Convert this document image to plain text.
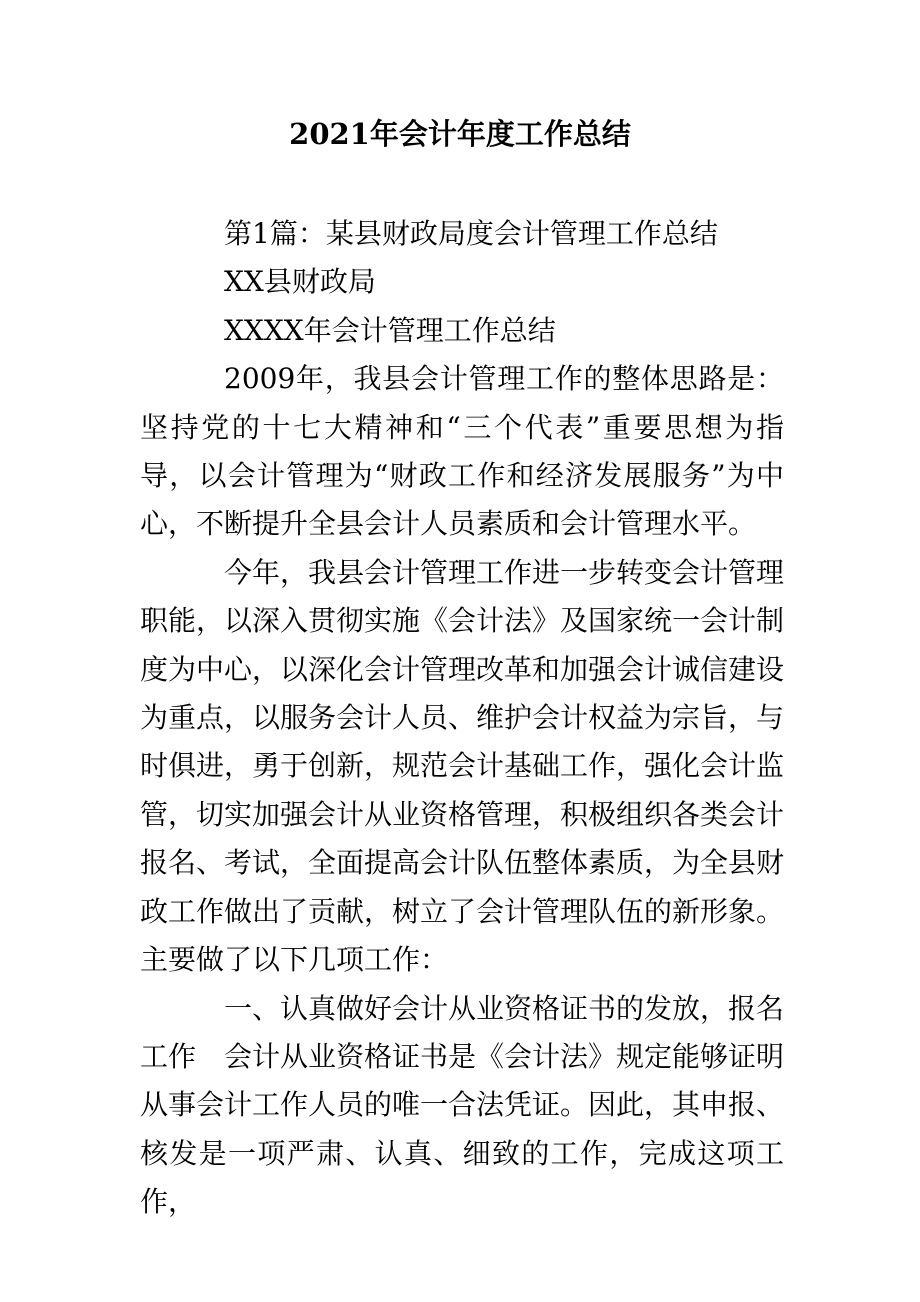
2021年会计年度工作总结

第1篇：某县财政局度会计管理工作总结

XX县财政局

XXXX年会计管理工作总结

2009年，我县会计管理工作的整体思路是：坚持党的十七大精神和“三个代表”重要思想为指导，以会计管理为“财政工作和经济发展服务”为中心，不断提升全县会计人员素质和会计管理水平。

今年，我县会计管理工作进一步转变会计管理职能，以深入贯彻实施《会计法》及国家统一会计制度为中心，以深化会计管理改革和加强会计诚信建设为重点，以服务会计人员、维护会计权益为宗旨，与时俱进，勇于创新，规范会计基础工作，强化会计监管，切实加强会计从业资格管理，积极组织各类会计报名、考试，全面提高会计队伍整体素质，为全县财政工作做出了贡献，树立了会计管理队伍的新形象。主要做了以下几项工作：

一、认真做好会计从业资格证书的发放，报名工作　会计从业资格证书是《会计法》规定能够证明从事会计工作人员的唯一合法凭证。因此，其申报、核发是一项严肃、认真、细致的工作，完成这项工作，
